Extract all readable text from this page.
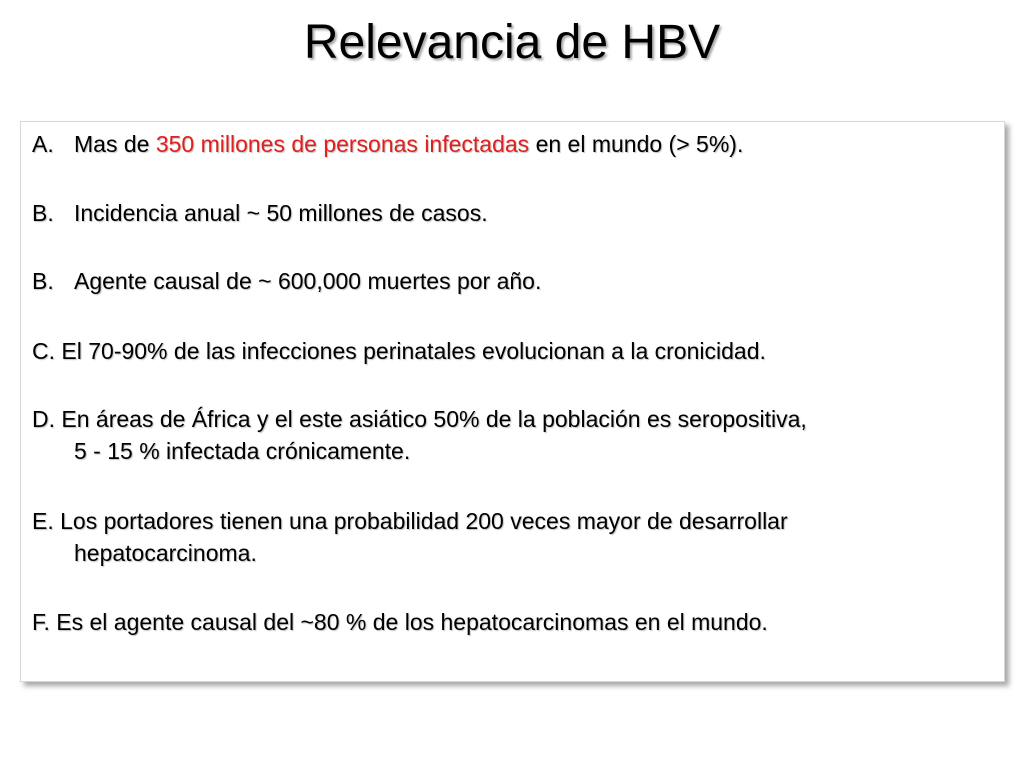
Relevancia de HBV
A. Mas de 350 millones de personas infectadas en el mundo (> 5%).
B. Incidencia anual ~ 50 millones de casos.
B. Agente causal de ~ 600,000 muertes por año.
C. El 70-90% de las infecciones perinatales evolucionan a la cronicidad.
D. En áreas de África y el este asiático 50% de la población es seropositiva,
5 - 15 % infectada crónicamente.
E. Los portadores tienen una probabilidad 200 veces mayor de desarrollar
hepatocarcinoma.
F. Es el agente causal del ~80 % de los hepatocarcinomas en el mundo.
